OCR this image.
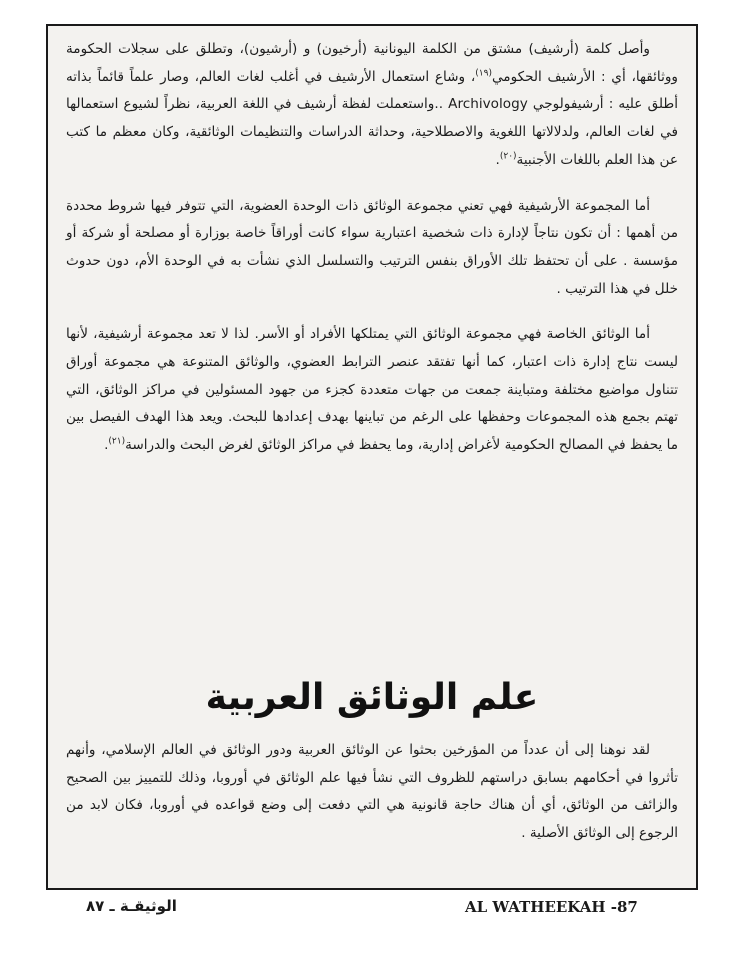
وأصل كلمة (أرشيف) مشتق من الكلمة اليونانية (أرخيون) و (أرشيون)، وتطلق على سجلات الحكومة ووثائقها، أي : الأرشيف الحكومي$^{(١٩)}$، وشاع استعمال الأرشيف في أغلب لغات العالم، وصار علماً قائماً بذاته أطلق عليه : أرشيفولوجي Archivology ..واستعملت لفظة أرشيف في اللغة العربية، نظراً لشيوع استعمالها في لغات العالم، ولدلالاتها اللغوية والاصطلاحية، وحداثة الدراسات والتنظيمات الوثائقية، وكان معظم ما كتب عن هذا العلم باللغات الأجنبية$^{(٢٠)}$.

أما المجموعة الأرشيفية فهي تعني مجموعة الوثائق ذات الوحدة العضوية، التي تتوفر فيها شروط محددة من أهمها : أن تكون نتاجاً لإدارة ذات شخصية اعتبارية سواء كانت أوراقاً خاصة بوزارة أو مصلحة أو شركة أو مؤسسة . على أن تحتفظ تلك الأوراق بنفس الترتيب والتسلسل الذي نشأت به في الوحدة الأم، دون حدوث خلل في هذا الترتيب .

أما الوثائق الخاصة فهي مجموعة الوثائق التي يمتلكها الأفراد أو الأسر. لذا لا تعد مجموعة أرشيفية، لأنها ليست نتاج إدارة ذات اعتبار، كما أنها تفتقد عنصر الترابط العضوي، والوثائق المتنوعة هي مجموعة أوراق تتناول مواضيع مختلفة ومتباينة جمعت من جهات متعددة كجزء من جهود المسئولين في مراكز الوثائق، التي تهتم بجمع هذه المجموعات وحفظها على الرغم من تباينها بهدف إعدادها للبحث. ويعد هذا الهدف الفيصل بين ما يحفظ في المصالح الحكومية لأغراض إدارية، وما يحفظ في مراكز الوثائق لغرض البحث والدراسة$^{(٢١)}$.

علم الوثائق العربية

لقد نوهنا إلى أن عدداً من المؤرخين بحثوا عن الوثائق العربية ودور الوثائق في العالم الإسلامي، وأنهم تأثروا في أحكامهم بسابق دراستهم للظروف التي نشأ فيها علم الوثائق في أوروبا، وذلك للتمييز بين الصحيح والزائف من الوثائق، أي أن هناك حاجة قانونية هي التي دفعت إلى وضع قواعده في أوروبا، فكان لابد من الرجوع إلى الوثائق الأصلية .

AL WATHEEKAH -87
الوثيقـة ـ ٨٧
